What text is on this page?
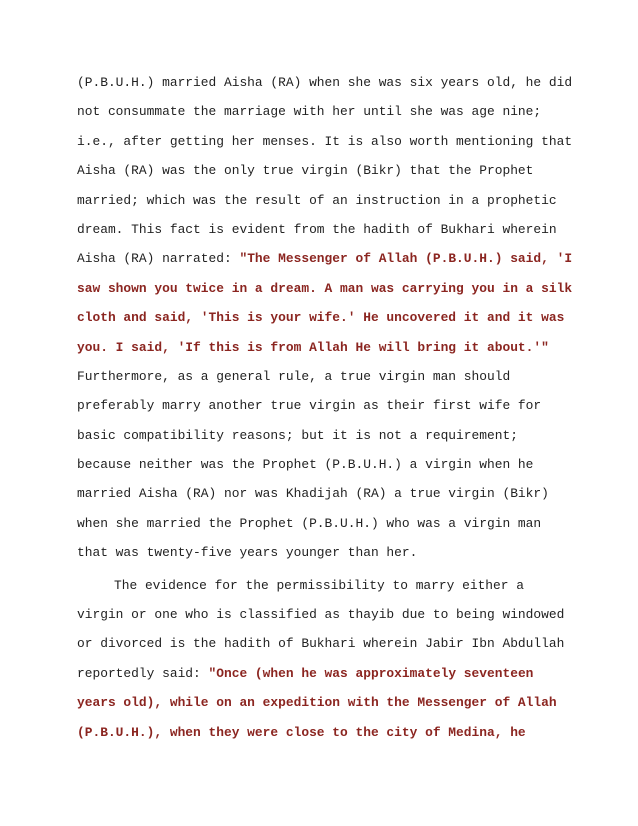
(P.B.U.H.) married Aisha (RA) when she was six years old, he did
not consummate the marriage with her until she was age nine;
i.e., after getting her menses. It is also worth mentioning that
Aisha (RA) was the only true virgin (Bikr) that the Prophet
married; which was the result of an instruction in a prophetic
dream. This fact is evident from the hadith of Bukhari wherein
Aisha (RA) narrated: "The Messenger of Allah (P.B.U.H.) said, 'I
saw shown you twice in a dream. A man was carrying you in a silk
cloth and said, 'This is your wife.' He uncovered it and it was
you. I said, 'If this is from Allah He will bring it about.'"
Furthermore, as a general rule, a true virgin man should
preferably marry another true virgin as their first wife for
basic compatibility reasons; but it is not a requirement;
because neither was the Prophet (P.B.U.H.) a virgin when he
married Aisha (RA) nor was Khadijah (RA) a true virgin (Bikr)
when she married the Prophet (P.B.U.H.) who was a virgin man
that was twenty-five years younger than her.
The evidence for the permissibility to marry either a
virgin or one who is classified as thayib due to being windowed
or divorced is the hadith of Bukhari wherein Jabir Ibn Abdullah
reportedly said: "Once (when he was approximately seventeen
years old), while on an expedition with the Messenger of Allah
(P.B.U.H.), when they were close to the city of Medina, he
